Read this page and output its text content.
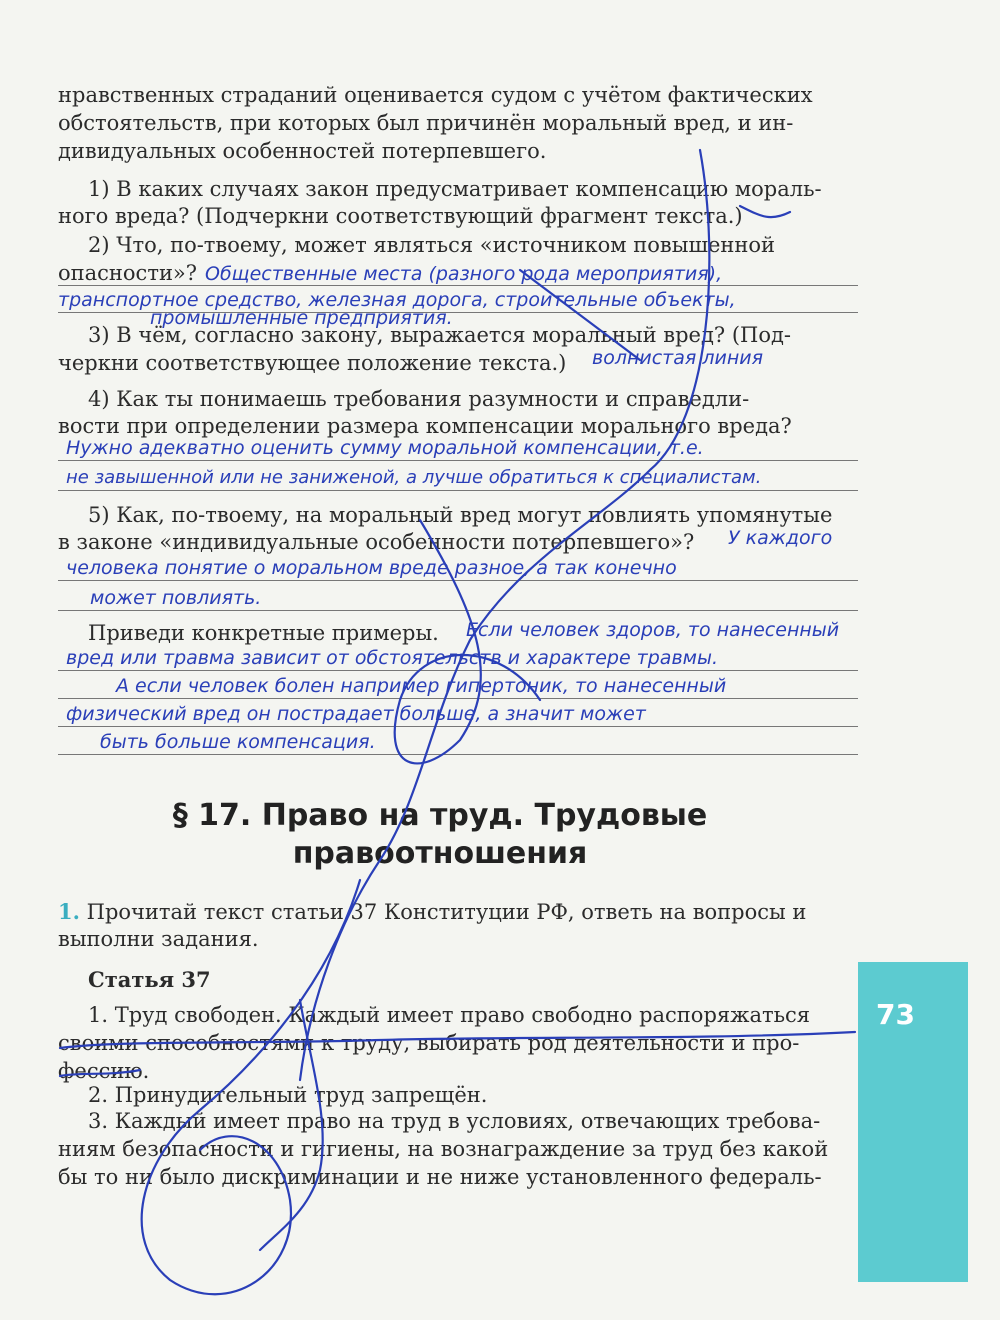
нравственных страданий оценивается судом с учётом фактических
обстоятельств, при которых был причинён моральный вред, и ин-
дивидуальных особенностей потерпевшего.
1) В каких случаях закон предусматривает компенсацию мораль-
ного вреда? (Подчеркни соответствующий фрагмент текста.)
2) Что, по-твоему, может являться «источником повышенной
опасности»? Общественные места (разного рода мероприятия),
транспортное средство, железная дорога, строительные объекты,
промышленные предприятия.
3) В чём, согласно закону, выражается моральный вред? (Под-
черкни соответствующее положение текста.)	волнистая линия
4) Как ты понимаешь требования разумности и справедли-
вости при определении размера компенсации морального вреда?
Нужно адекватно оценить сумму моральной компенсации, т.е.
не завышенной или не заниженой, а лучше обратиться к специалистам.
5) Как, по-твоему, на моральный вред могут повлиять упомянутые
в законе «индивидуальные особенности потерпевшего»? У каждого
человека понятие о моральном вреде разное, а так конечно
может повлиять.
Приведи конкретные примеры.	Если человек здоров, то нанесенный
вред или травма зависит от обстоятельств и характере травмы.
А если человек болен например гипертоник, то нанесенный
физический вред он пострадает больше, а значит может
быть больше компенсация.
§ 17. Право на труд. Трудовые
правоотношения
1. Прочитай текст статьи 37 Конституции РФ, ответь на вопросы и
выполни задания.
Статья 37
1. Труд свободен. Каждый имеет право свободно распоряжаться
своими способностями к труду, выбирать род деятельности и про-
фессию.
2. Принудительный труд запрещён.
3. Каждый имеет право на труд в условиях, отвечающих требова-
ниям безопасности и гигиены, на вознаграждение за труд без какой
бы то ни было дискриминации и не ниже установленного федераль-
73
